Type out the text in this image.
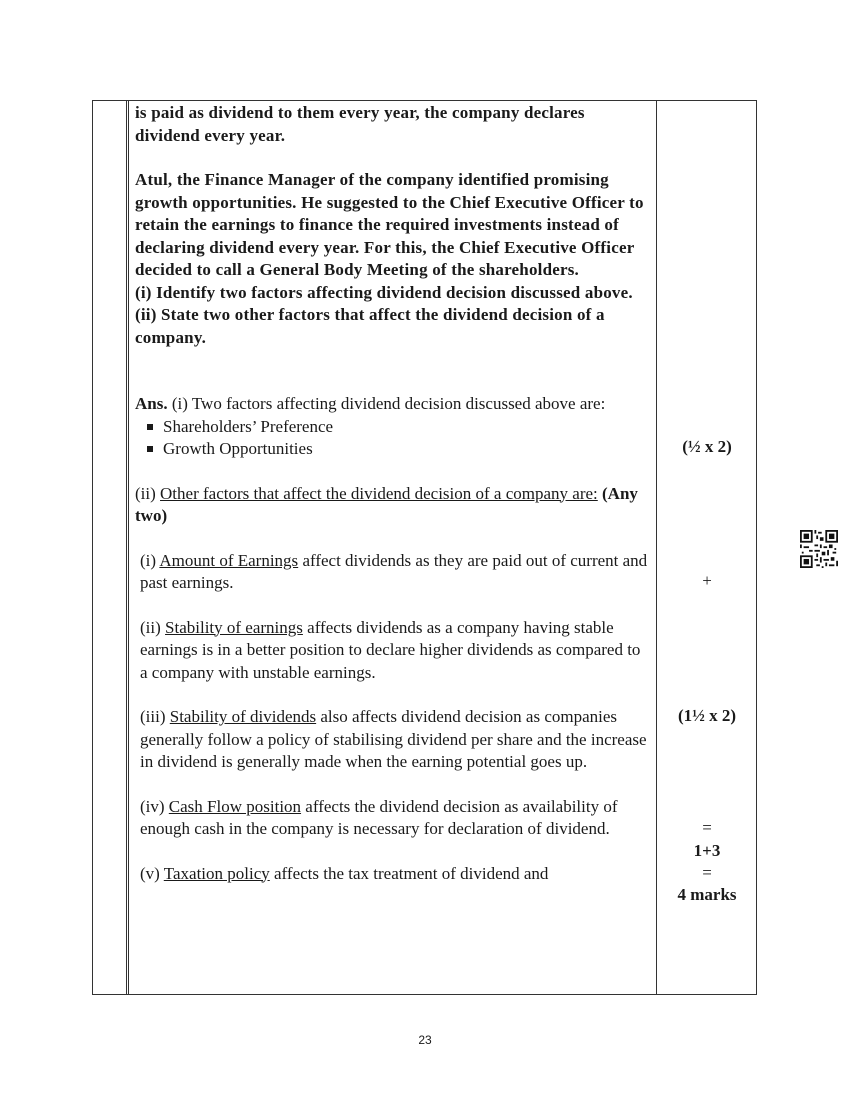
is paid as dividend to them every year, the company declares dividend every year.

Atul, the Finance Manager of the company identified promising growth opportunities. He suggested to the Chief Executive Officer to retain the earnings to finance the required investments instead of declaring dividend every year. For this, the Chief Executive Officer decided to call a General Body Meeting of the shareholders.

(i) Identify two factors affecting dividend decision discussed above.

(ii) State two other factors that affect the dividend decision of a company.

Ans. (i) Two factors affecting dividend decision discussed above are:

Shareholders’ Preference
Growth Opportunities

(ii) Other factors that affect the dividend decision of a company are: (Any two)

(i) Amount of Earnings affect dividends as they are paid out of current and past earnings.

(ii) Stability of earnings affects dividends as a company having stable earnings is in a better position to declare higher dividends as compared to a company with unstable earnings.

(iii) Stability of dividends also affects dividend decision as companies generally follow a policy of stabilising dividend per share and the increase in dividend is generally made when the earning potential goes up.

(iv) Cash Flow position affects the dividend decision as availability of enough cash in the company is necessary for declaration of dividend.

(v) Taxation policy affects the tax treatment of dividend and

(½ x 2)
+
(1½ x 2)
=
1+3
=
4 marks
23
